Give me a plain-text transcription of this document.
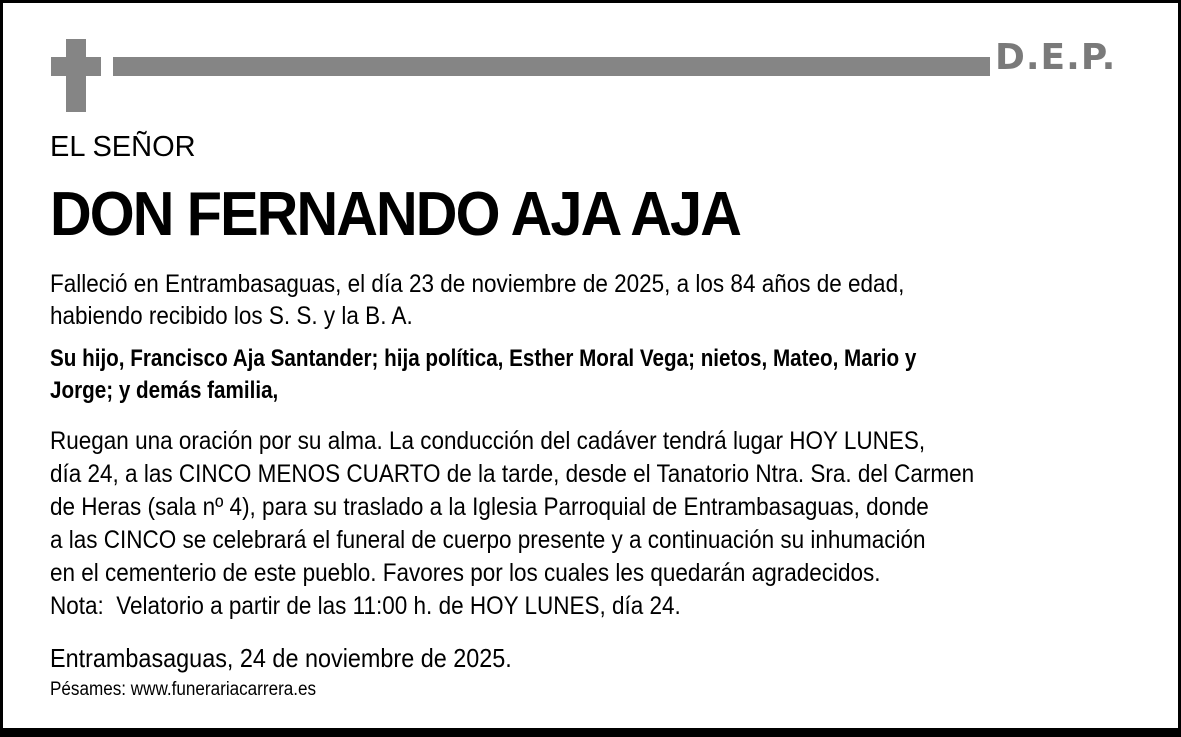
D.E.P.
EL SEÑOR
DON FERNANDO AJA AJA
Falleció en Entrambasaguas, el día 23 de noviembre de 2025, a los 84 años de edad,
habiendo recibido los S. S. y la B. A.
Su hijo, Francisco Aja Santander; hija política, Esther Moral Vega; nietos, Mateo, Mario y
Jorge; y demás familia,
Ruegan una oración por su alma. La conducción del cadáver tendrá lugar HOY LUNES,
día 24, a las CINCO MENOS CUARTO de la tarde, desde el Tanatorio Ntra. Sra. del Carmen
de Heras (sala nº 4), para su traslado a la Iglesia Parroquial de Entrambasaguas, donde
a las CINCO se celebrará el funeral de cuerpo presente y a continuación su inhumación
en el cementerio de este pueblo. Favores por los cuales les quedarán agradecidos.
Nota:  Velatorio a partir de las 11:00 h. de HOY LUNES, día 24.
Entrambasaguas, 24 de noviembre de 2025.
Pésames: www.funerariacarrera.es
